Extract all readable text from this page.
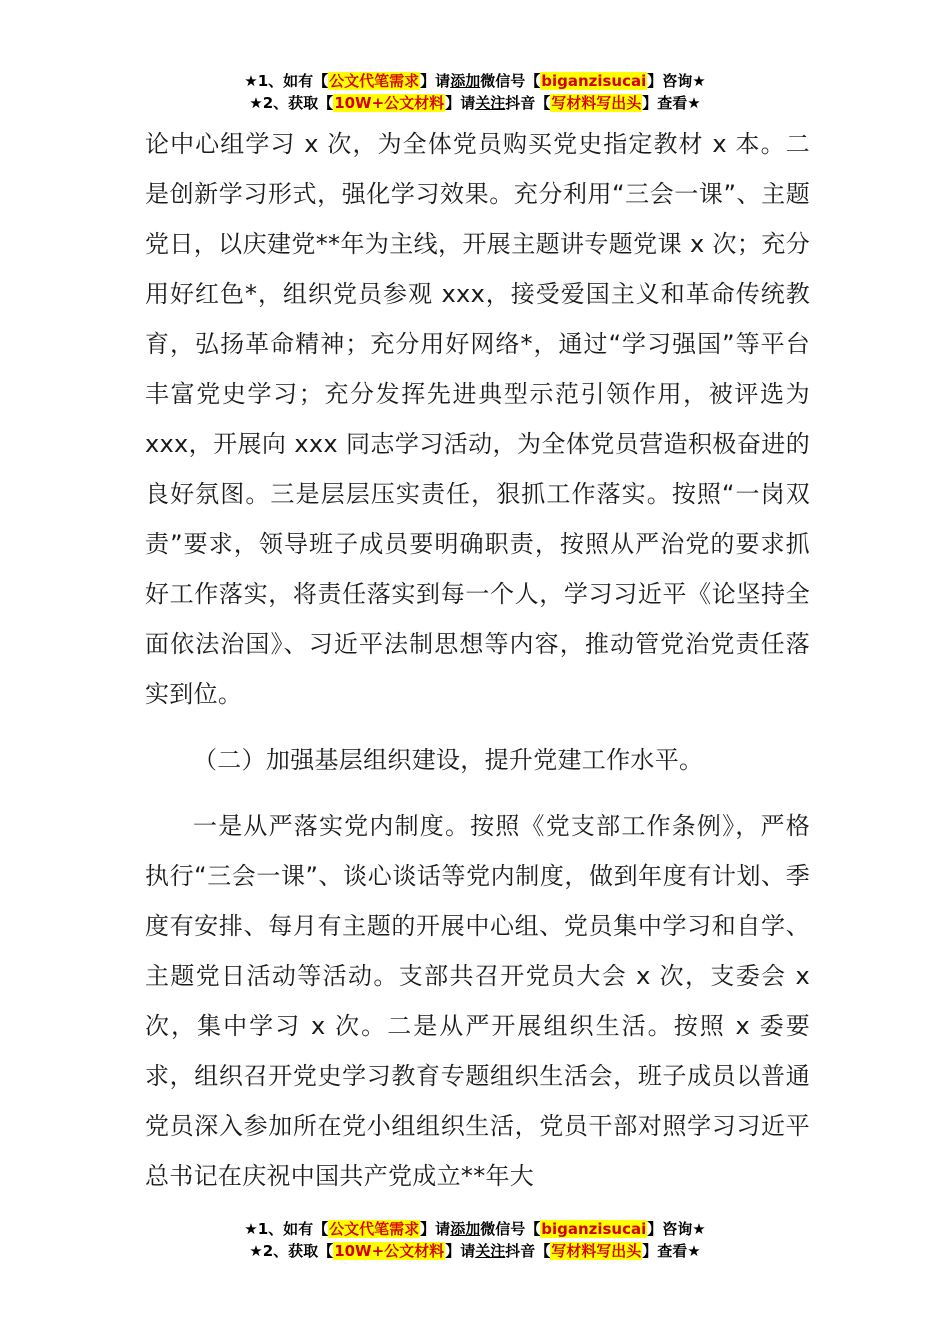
★1、如有【公文代笔需求】请添加微信号【biganzisucai】咨询★
★2、获取【10W+公文材料】请关注抖音【写材料写出头】查看★

论中心组学习 x 次，为全体党员购买党史指定教材 x 本。二是创新学习形式，强化学习效果。充分利用“三会一课”、主题党日，以庆建党**年为主线，开展主题讲专题党课 x 次；充分用好红色*，组织党员参观 xxx，接受爱国主义和革命传统教育，弘扬革命精神；充分用好网络*，通过“学习强国”等平台丰富党史学习；充分发挥先进典型示范引领作用，被评选为 xxx，开展向 xxx 同志学习活动，为全体党员营造积极奋进的良好氛图。三是层层压实责任，狠抓工作落实。按照“一岗双责”要求，领导班子成员要明确职责，按照从严治党的要求抓好工作落实，将责任落实到每一个人，学习习近平《论坚持全面依法治国》、习近平法制思想等内容，推动管党治党责任落实到位。

（二）加强基层组织建设，提升党建工作水平。

一是从严落实党内制度。按照《党支部工作条例》，严格执行“三会一课”、谈心谈话等党内制度，做到年度有计划、季度有安排、每月有主题的开展中心组、党员集中学习和自学、主题党日活动等活动。支部共召开党员大会 x 次，支委会 x 次，集中学习 x 次。二是从严开展组织生活。按照 x 委要求，组织召开党史学习教育专题组织生活会，班子成员以普通党员深入参加所在党小组组织生活，党员干部对照学习习近平总书记在庆祝中国共产党成立**年大

★1、如有【公文代笔需求】请添加微信号【biganzisucai】咨询★
★2、获取【10W+公文材料】请关注抖音【写材料写出头】查看★
